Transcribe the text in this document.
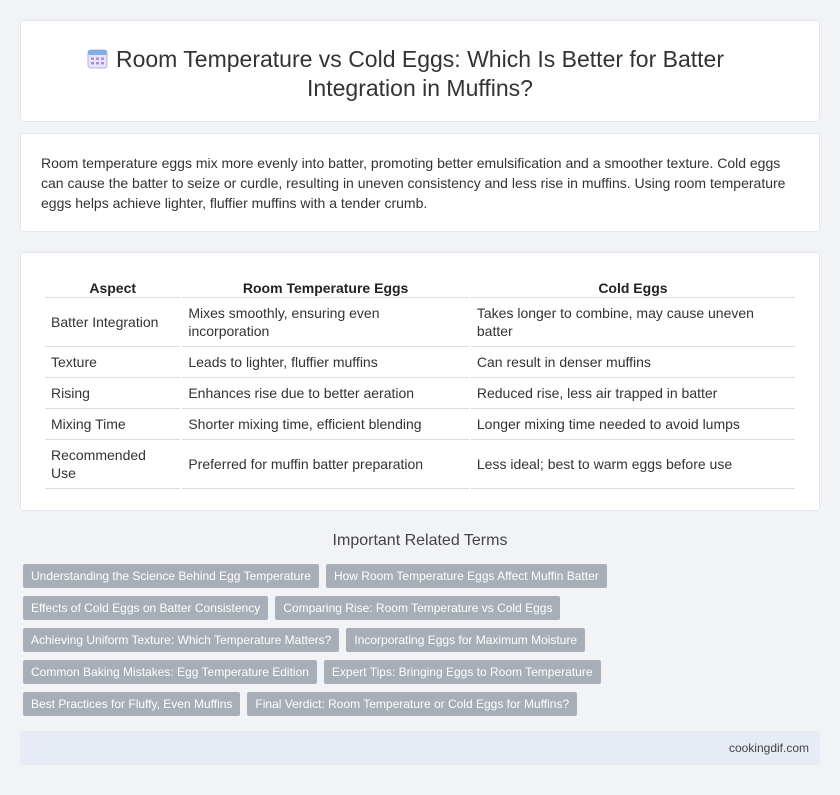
Room Temperature vs Cold Eggs: Which Is Better for Batter Integration in Muffins?

Room temperature eggs mix more evenly into batter, promoting better emulsification and a smoother texture. Cold eggs can cause the batter to seize or curdle, resulting in uneven consistency and less rise in muffins. Using room temperature eggs helps achieve lighter, fluffier muffins with a tender crumb.

Aspect	Room Temperature Eggs	Cold Eggs
Batter Integration	Mixes smoothly, ensuring even incorporation	Takes longer to combine, may cause uneven batter
Texture	Leads to lighter, fluffier muffins	Can result in denser muffins
Rising	Enhances rise due to better aeration	Reduced rise, less air trapped in batter
Mixing Time	Shorter mixing time, efficient blending	Longer mixing time needed to avoid lumps
Recommended Use	Preferred for muffin batter preparation	Less ideal; best to warm eggs before use
Important Related Terms
Understanding the Science Behind Egg Temperature	How Room Temperature Eggs Affect Muffin Batter
Effects of Cold Eggs on Batter Consistency	Comparing Rise: Room Temperature vs Cold Eggs
Achieving Uniform Texture: Which Temperature Matters?	Incorporating Eggs for Maximum Moisture
Common Baking Mistakes: Egg Temperature Edition	Expert Tips: Bringing Eggs to Room Temperature
Best Practices for Fluffy, Even Muffins	Final Verdict: Room Temperature or Cold Eggs for Muffins?
cookingdif.com
